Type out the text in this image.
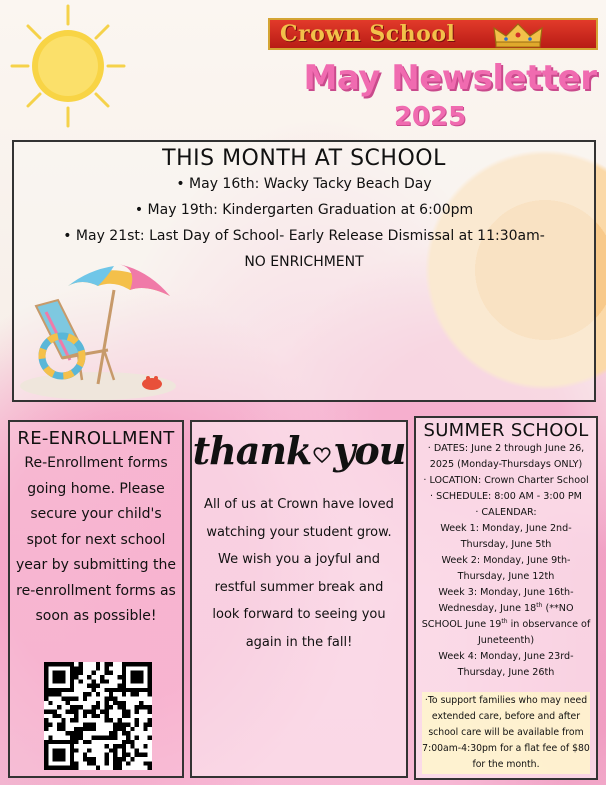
Crown School
May Newsletter
2025
THIS MONTH AT SCHOOL
• May 16th: Wacky Tacky Beach Day
• May 19th: Kindergarten Graduation at 6:00pm
• May 21st: Last Day of School- Early Release Dismissal at 11:30am-
NO ENRICHMENT
RE-ENROLLMENT
Re-Enrollment forms going home. Please secure your child's spot for next school year by submitting the re-enrollment forms as soon as possible!
thank you
All of us at Crown have loved watching your student grow. We wish you a joyful and restful summer break and look forward to seeing you again in the fall!
SUMMER SCHOOL
· DATES: June 2 through June 26, 2025 (Monday-Thursdays ONLY)
· LOCATION: Crown Charter School
· SCHEDULE: 8:00 AM - 3:00 PM
· CALENDAR:
Week 1: Monday, June 2nd- Thursday, June 5th
Week 2: Monday, June 9th- Thursday, June 12th
Week 3: Monday, June 16th- Wednesday, June 18th (**NO SCHOOL June 19th in observance of Juneteenth)
Week 4: Monday, June 23rd- Thursday, June 26th
·To support families who may need extended care, before and after school care will be available from 7:00am-4:30pm for a flat fee of $80 for the month.
